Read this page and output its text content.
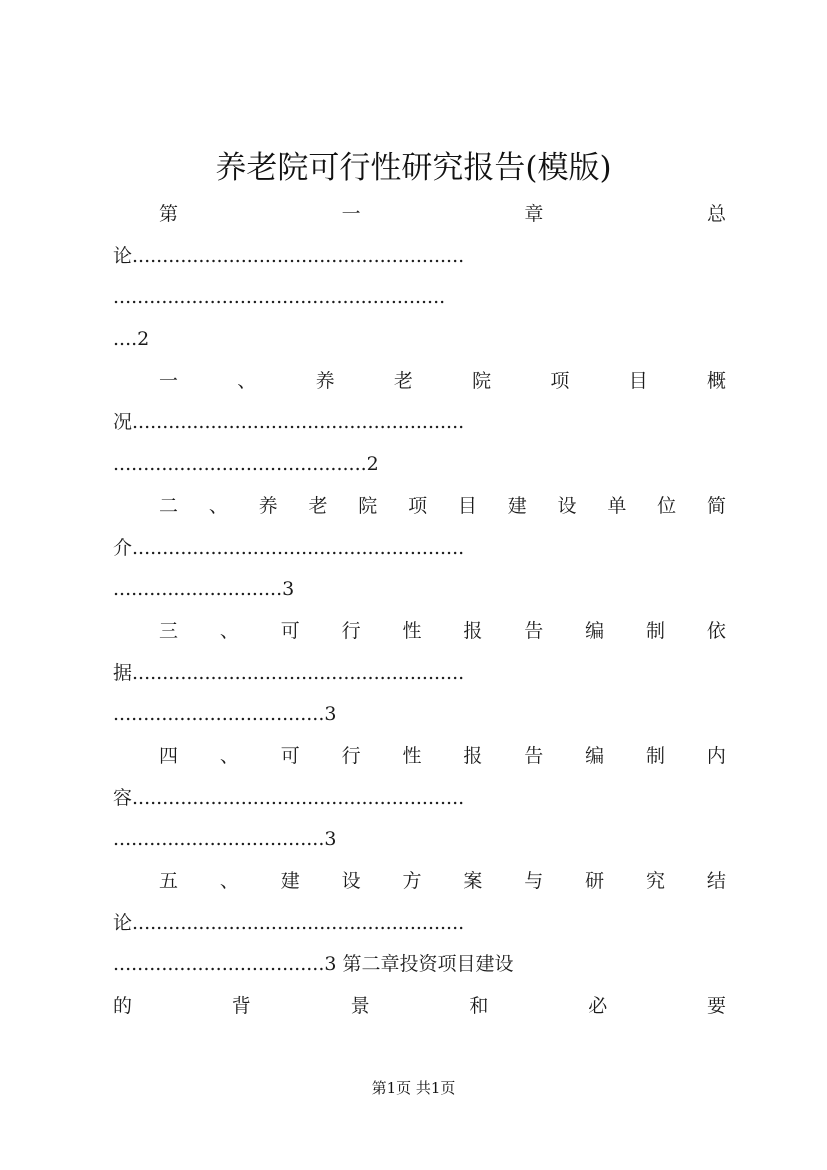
养老院可行性研究报告(模版)
第	一	章	总
论.......................................................
.......................................................
....2
一	、	养	老	院	项	目	概
况.......................................................
..........................................2
二 、 养 老 院 项 目 建 设 单 位 简
介.......................................................
............................3
三 、 可 行 性 报 告 编 制 依
据.......................................................
...................................3
四 、 可 行 性 报 告 编 制 内
容.......................................................
...................................3
五 、 建 设 方 案 与 研 究 结
论.......................................................
...................................3 第二章投资项目建设
的	背	景	和	必	要
第1页 共1页
